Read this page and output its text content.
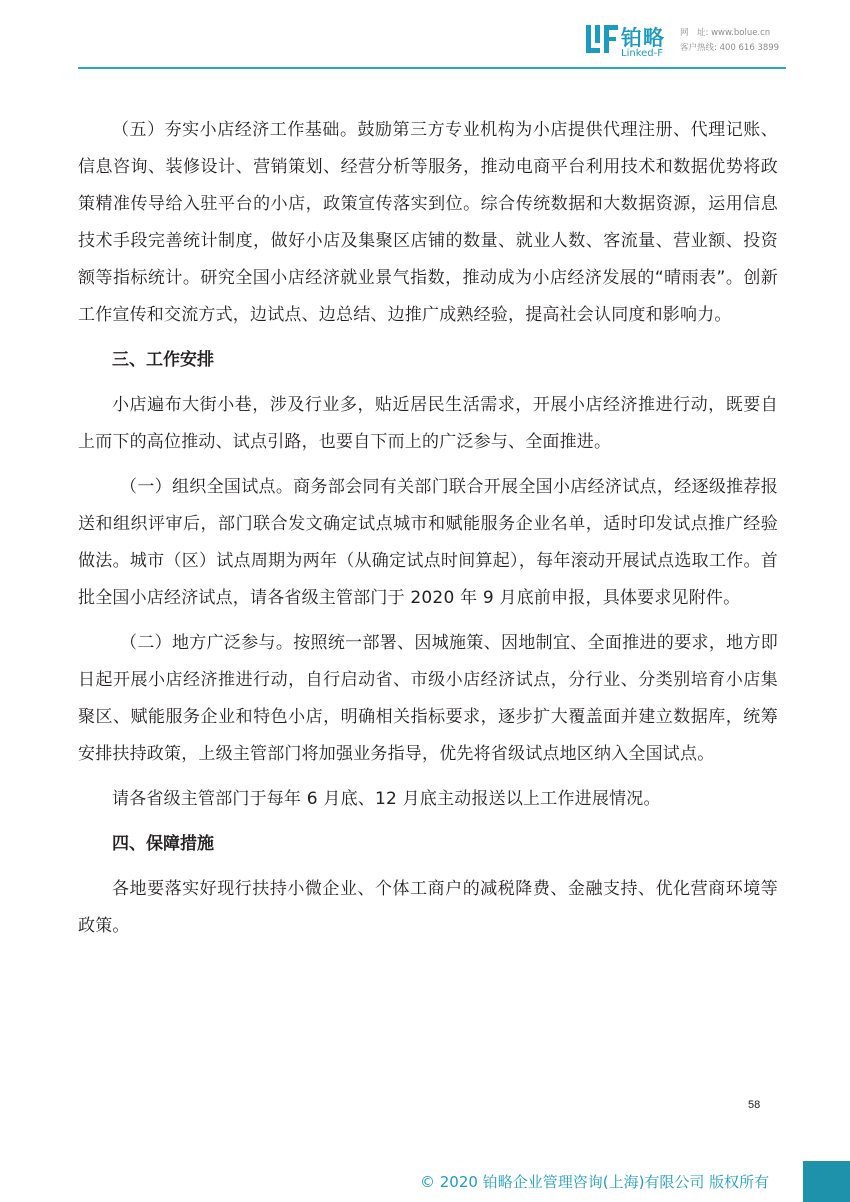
铂略
Linked-F
网　址: www.bolue.cn
客户热线: 400 616 3899

（五）夯实小店经济工作基础。鼓励第三方专业机构为小店提供代理注册、代理记账、信息咨询、装修设计、营销策划、经营分析等服务，推动电商平台利用技术和数据优势将政策精准传导给入驻平台的小店，政策宣传落实到位。综合传统数据和大数据资源，运用信息技术手段完善统计制度，做好小店及集聚区店铺的数量、就业人数、客流量、营业额、投资额等指标统计。研究全国小店经济就业景气指数，推动成为小店经济发展的“晴雨表”。创新工作宣传和交流方式，边试点、边总结、边推广成熟经验，提高社会认同度和影响力。

三、工作安排

小店遍布大街小巷，涉及行业多，贴近居民生活需求，开展小店经济推进行动，既要自上而下的高位推动、试点引路，也要自下而上的广泛参与、全面推进。

（一）组织全国试点。商务部会同有关部门联合开展全国小店经济试点，经逐级推荐报送和组织评审后，部门联合发文确定试点城市和赋能服务企业名单，适时印发试点推广经验做法。城市（区）试点周期为两年（从确定试点时间算起），每年滚动开展试点选取工作。首批全国小店经济试点，请各省级主管部门于 2020 年 9 月底前申报，具体要求见附件。

（二）地方广泛参与。按照统一部署、因城施策、因地制宜、全面推进的要求，地方即日起开展小店经济推进行动，自行启动省、市级小店经济试点，分行业、分类别培育小店集聚区、赋能服务企业和特色小店，明确相关指标要求，逐步扩大覆盖面并建立数据库，统筹安排扶持政策，上级主管部门将加强业务指导，优先将省级试点地区纳入全国试点。

请各省级主管部门于每年 6 月底、12 月底主动报送以上工作进展情况。

四、保障措施

各地要落实好现行扶持小微企业、个体工商户的减税降费、金融支持、优化营商环境等政策。

58
© 2020 铂略企业管理咨询(上海)有限公司 版权所有
